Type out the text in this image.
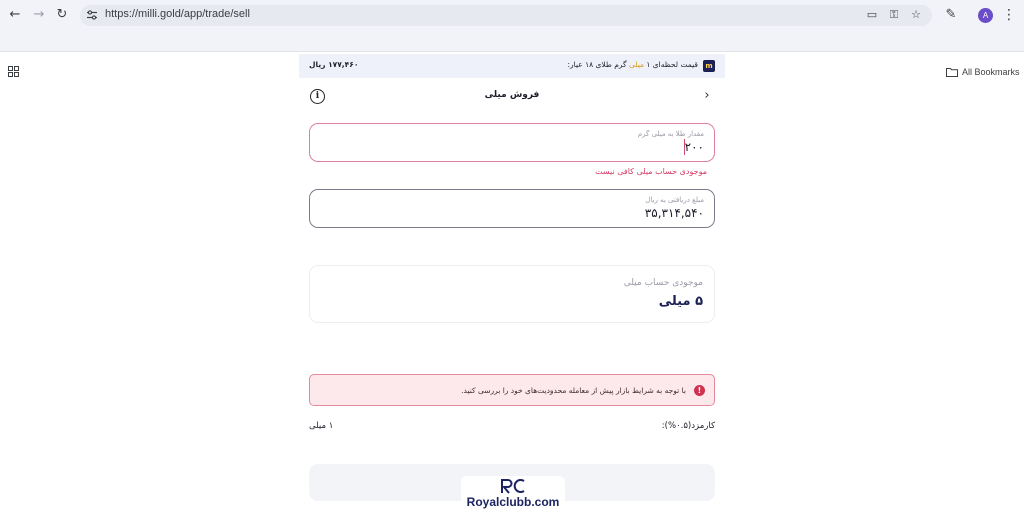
← → ↻	https://milli.gold/app/trade/sell	▭ ⚿ ☆ ✎	A ⋮
All Bookmarks
m
قیمت لحظه‌ای ۱ میلی گرم طلای ۱۸ عیار:
۱۷۷,۴۶۰ ریال
›
فروش میلی
i
مقدار طلا به میلی گرم
۲۰۰
موجودی حساب میلی کافی نیست
مبلغ دریافتی به ریال
۳۵,۳۱۴,۵۴۰
موجودی حساب میلی
۵ میلی
!
با توجه به شرایط بازار پیش از معامله محدودیت‌های خود را بررسی کنید.
کارمزد(۰.۵%):
۱ میلی
Royalclubb.com
